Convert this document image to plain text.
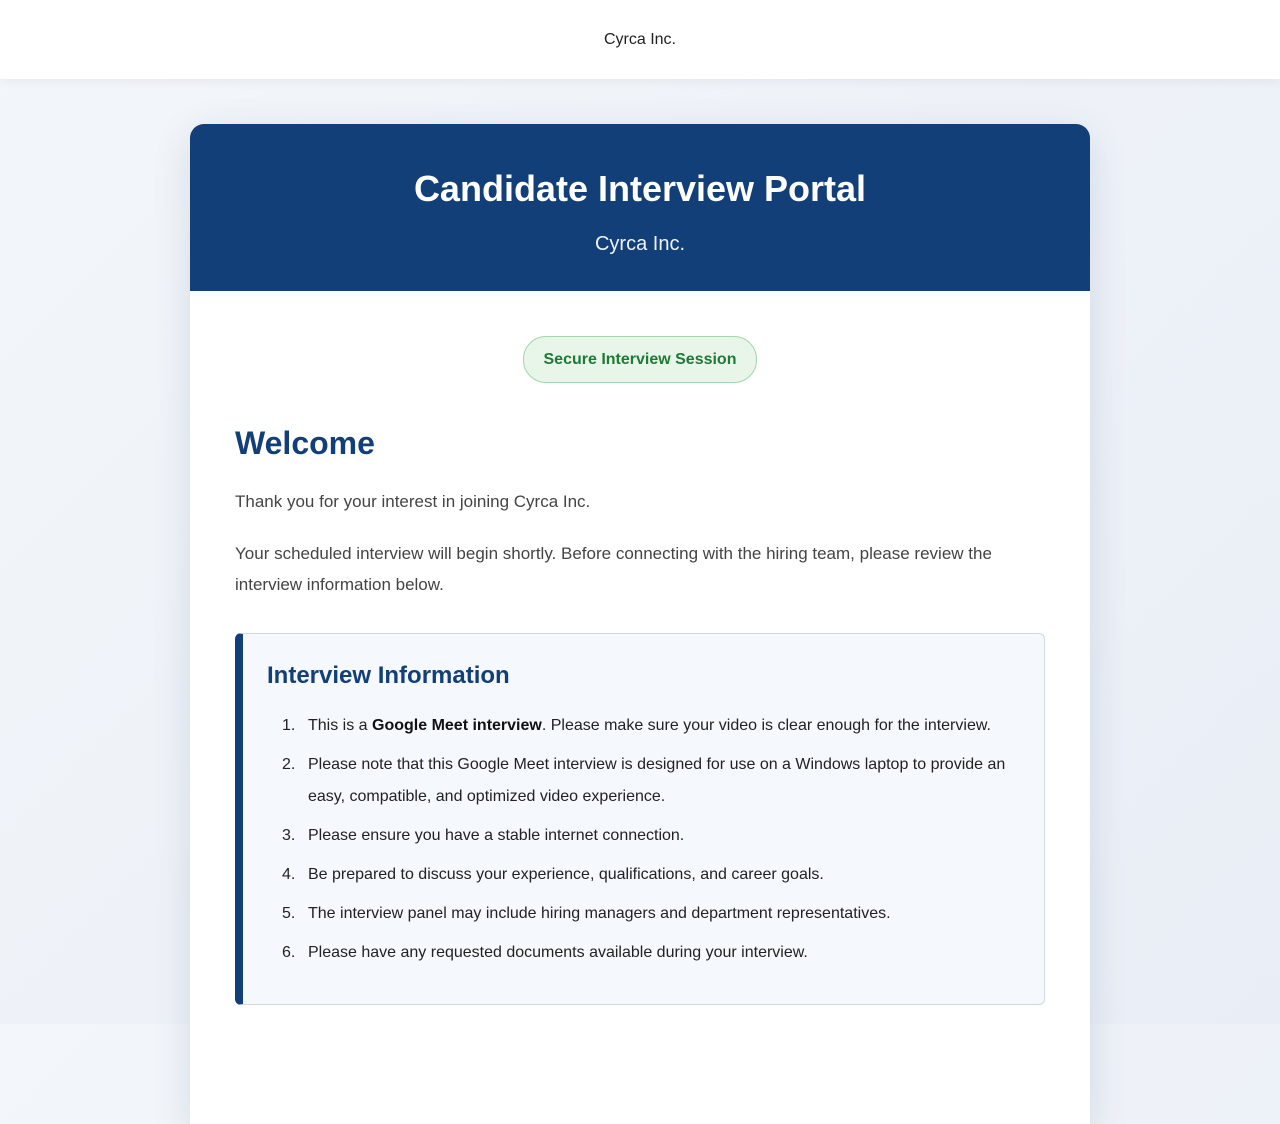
Cyrca Inc.
Candidate Interview Portal
Cyrca Inc.
Secure Interview Session
Welcome

Thank you for your interest in joining Cyrca Inc.

Your scheduled interview will begin shortly. Before connecting with the hiring team, please review the interview information below.

Interview Information
1. This is a Google Meet interview. Please make sure your video is clear enough for the interview.
2. Please note that this Google Meet interview is designed for use on a Windows laptop to provide an easy, compatible, and optimized video experience.
3. Please ensure you have a stable internet connection.
4. Be prepared to discuss your experience, qualifications, and career goals.
5. The interview panel may include hiring managers and department representatives.
6. Please have any requested documents available during your interview.
